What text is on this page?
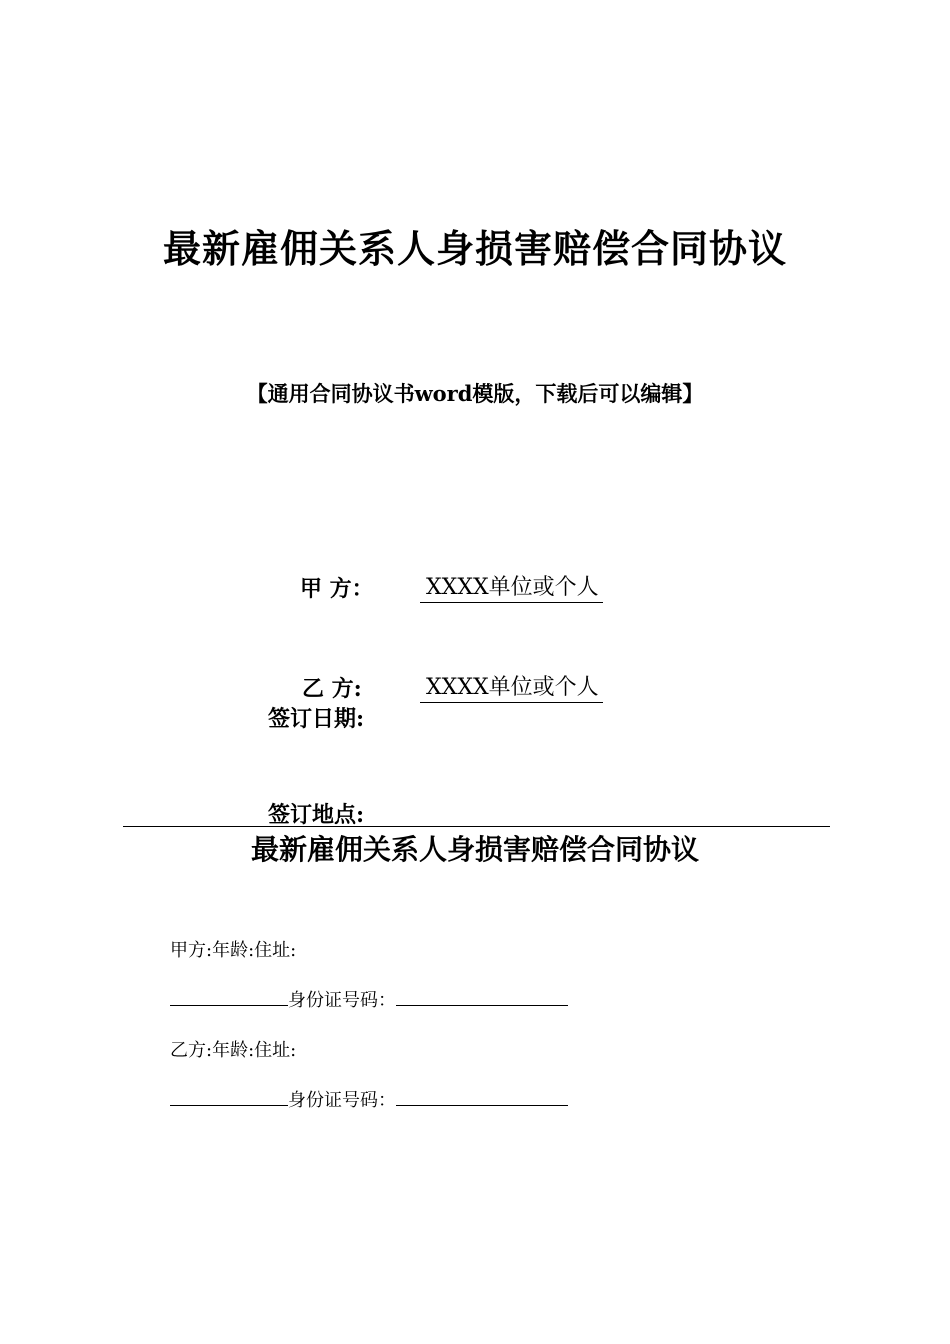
最新雇佣关系人身损害赔偿合同协议
【通用合同协议书word模版，下载后可以编辑】
甲 方： XXXX单位或个人
乙 方:	XXXX单位或个人
签订日期:
签订地点:
最新雇佣关系人身损害赔偿合同协议
甲方:年龄:住址:
身份证号码：
乙方:年龄:住址:
身份证号码：
